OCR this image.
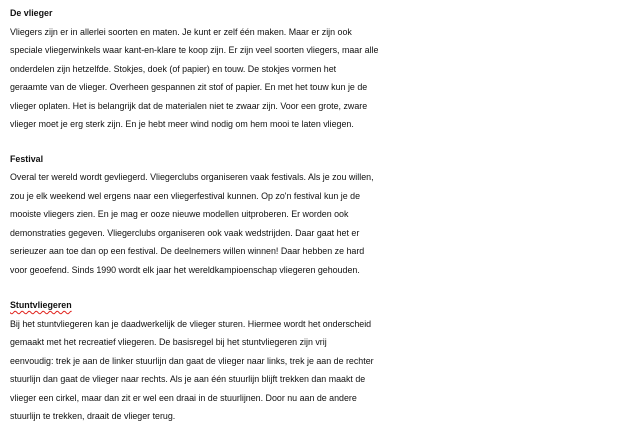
De vlieger

Vliegers zijn er in allerlei soorten en maten. Je kunt er zelf één maken. Maar er zijn ook
speciale vliegerwinkels waar kant-en-klare te koop zijn. Er zijn veel soorten vliegers, maar alle
onderdelen zijn hetzelfde. Stokjes, doek (of papier) en touw. De stokjes vormen het
geraamte van de vlieger. Overheen gespannen zit stof of papier. En met het touw kun je de
vlieger oplaten. Het is belangrijk dat de materialen niet te zwaar zijn. Voor een grote, zware
vlieger moet je erg sterk zijn. En je hebt meer wind nodig om hem mooi te laten vliegen.

Festival

Overal ter wereld wordt gevliegerd. Vliegerclubs organiseren vaak festivals. Als je zou willen,
zou je elk weekend wel ergens naar een vliegerfestival kunnen. Op zo'n festival kun je de
mooiste vliegers zien. En je mag er ooze nieuwe modellen uitproberen. Er worden ook
demonstraties gegeven. Vliegerclubs organiseren ook vaak wedstrijden. Daar gaat het er
serieuzer aan toe dan op een festival. De deelnemers willen winnen! Daar hebben ze hard
voor geoefend. Sinds 1990 wordt elk jaar het wereldkampioenschap vliegeren gehouden.

Stuntvliegeren

Bij het stuntvliegeren kan je daadwerkelijk de vlieger sturen. Hiermee wordt het onderscheid
gemaakt met het recreatief vliegeren. De basisregel bij het stuntvliegeren zijn vrij
eenvoudig: trek je aan de linker stuurlijn dan gaat de vlieger naar links, trek je aan de rechter
stuurlijn dan gaat de vlieger naar rechts. Als je aan één stuurlijn blijft trekken dan maakt de
vlieger een cirkel, maar dan zit er wel een draai in de stuurlijnen. Door nu aan de andere
stuurlijn te trekken, draait de vlieger terug.
